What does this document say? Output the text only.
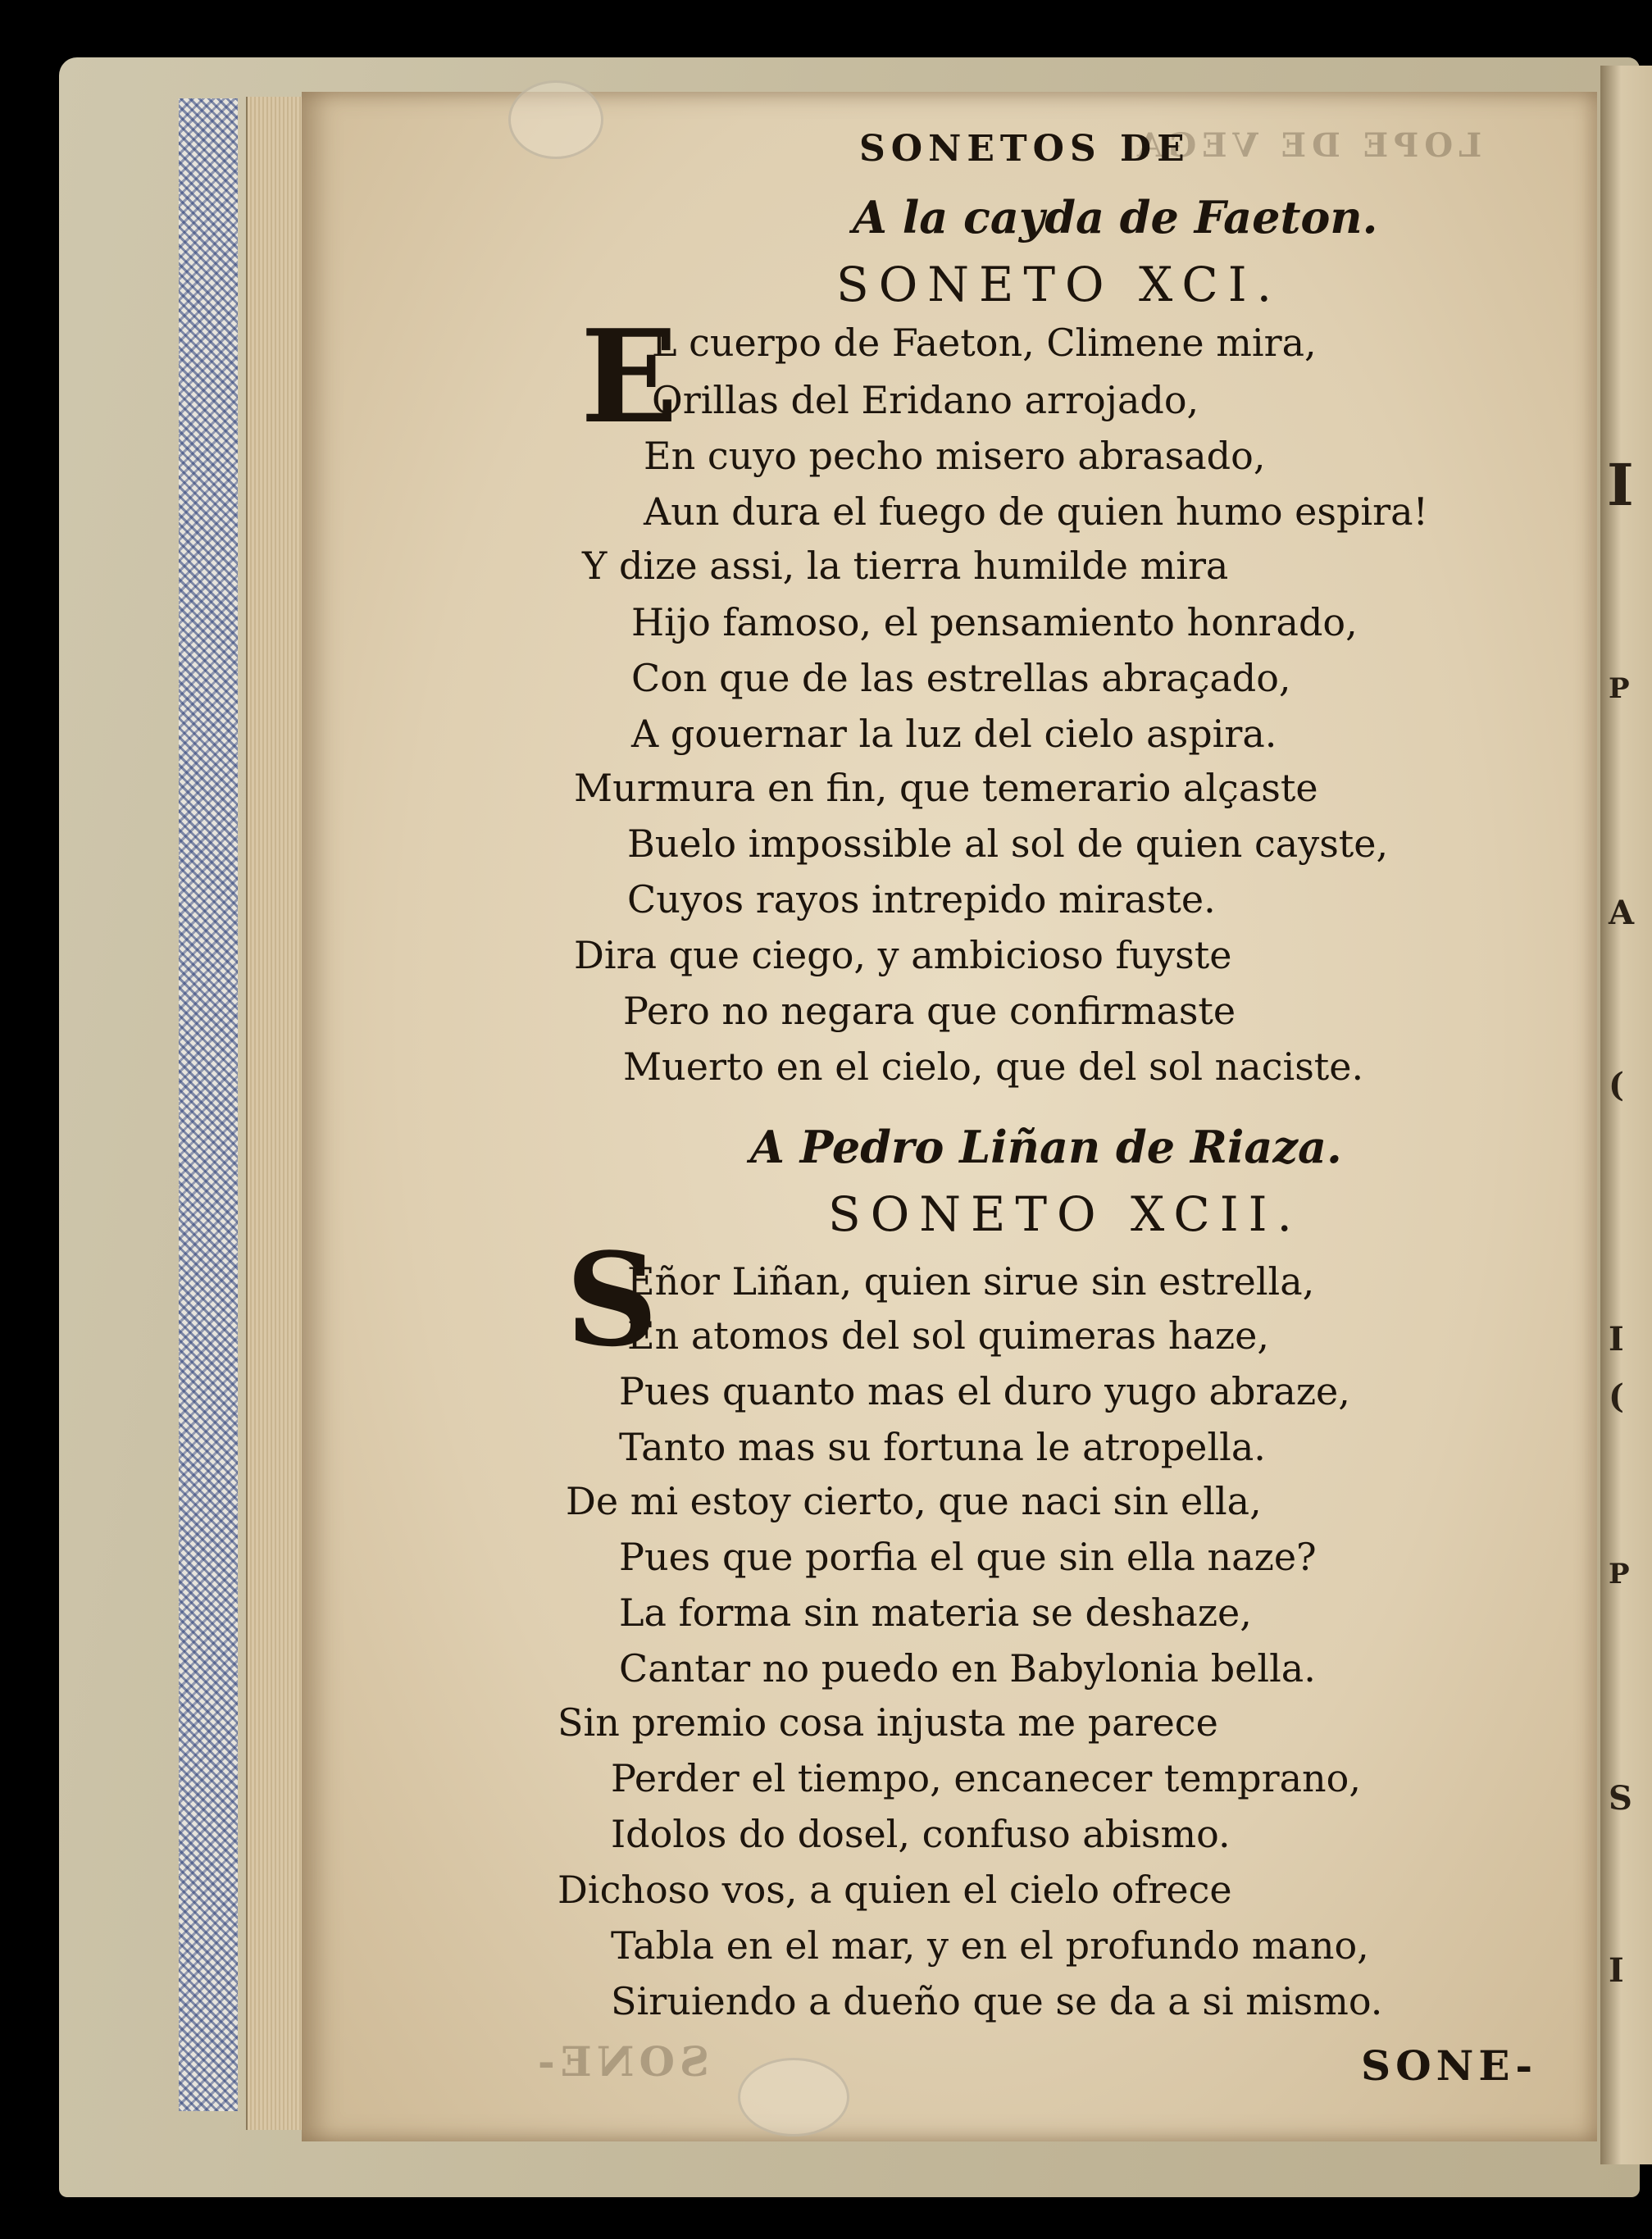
I
P
A
(
I
(
P
S
I
LOPE DE VEGA
SONETOS DE
A la cayda de Faeton.
SONETO XCI.
E
L cuerpo de Faeton, Climene mira,
Orillas del Eridano arrojado,
En cuyo pecho misero abrasado,
Aun dura el fuego de quien humo espira!
Y dize assi, la tierra humilde mira
Hijo famoso, el pensamiento honrado,
Con que de las estrellas abraçado,
A gouernar la luz del cielo aspira.
Murmura en fin, que temerario alçaste
Buelo impossible al sol de quien cayste,
Cuyos rayos intrepido miraste.
Dira que ciego, y ambicioso fuyste
Pero no negara que confirmaste
Muerto en el cielo, que del sol naciste.
A Pedro Liñan de Riaza.
SONETO XCII.
S
Eñor Liñan, quien sirue sin estrella,
En atomos del sol quimeras haze,
Pues quanto mas el duro yugo abraze,
Tanto mas su fortuna le atropella.
De mi estoy cierto, que naci sin ella,
Pues que porfia el que sin ella naze?
La forma sin materia se deshaze,
Cantar no puedo en Babylonia bella.
Sin premio cosa injusta me parece
Perder el tiempo, encanecer temprano,
Idolos do dosel, confuso abismo.
Dichoso vos, a quien el cielo ofrece
Tabla en el mar, y en el profundo mano,
Siruiendo a dueño que se da a si mismo.
SONE-	SONE-
